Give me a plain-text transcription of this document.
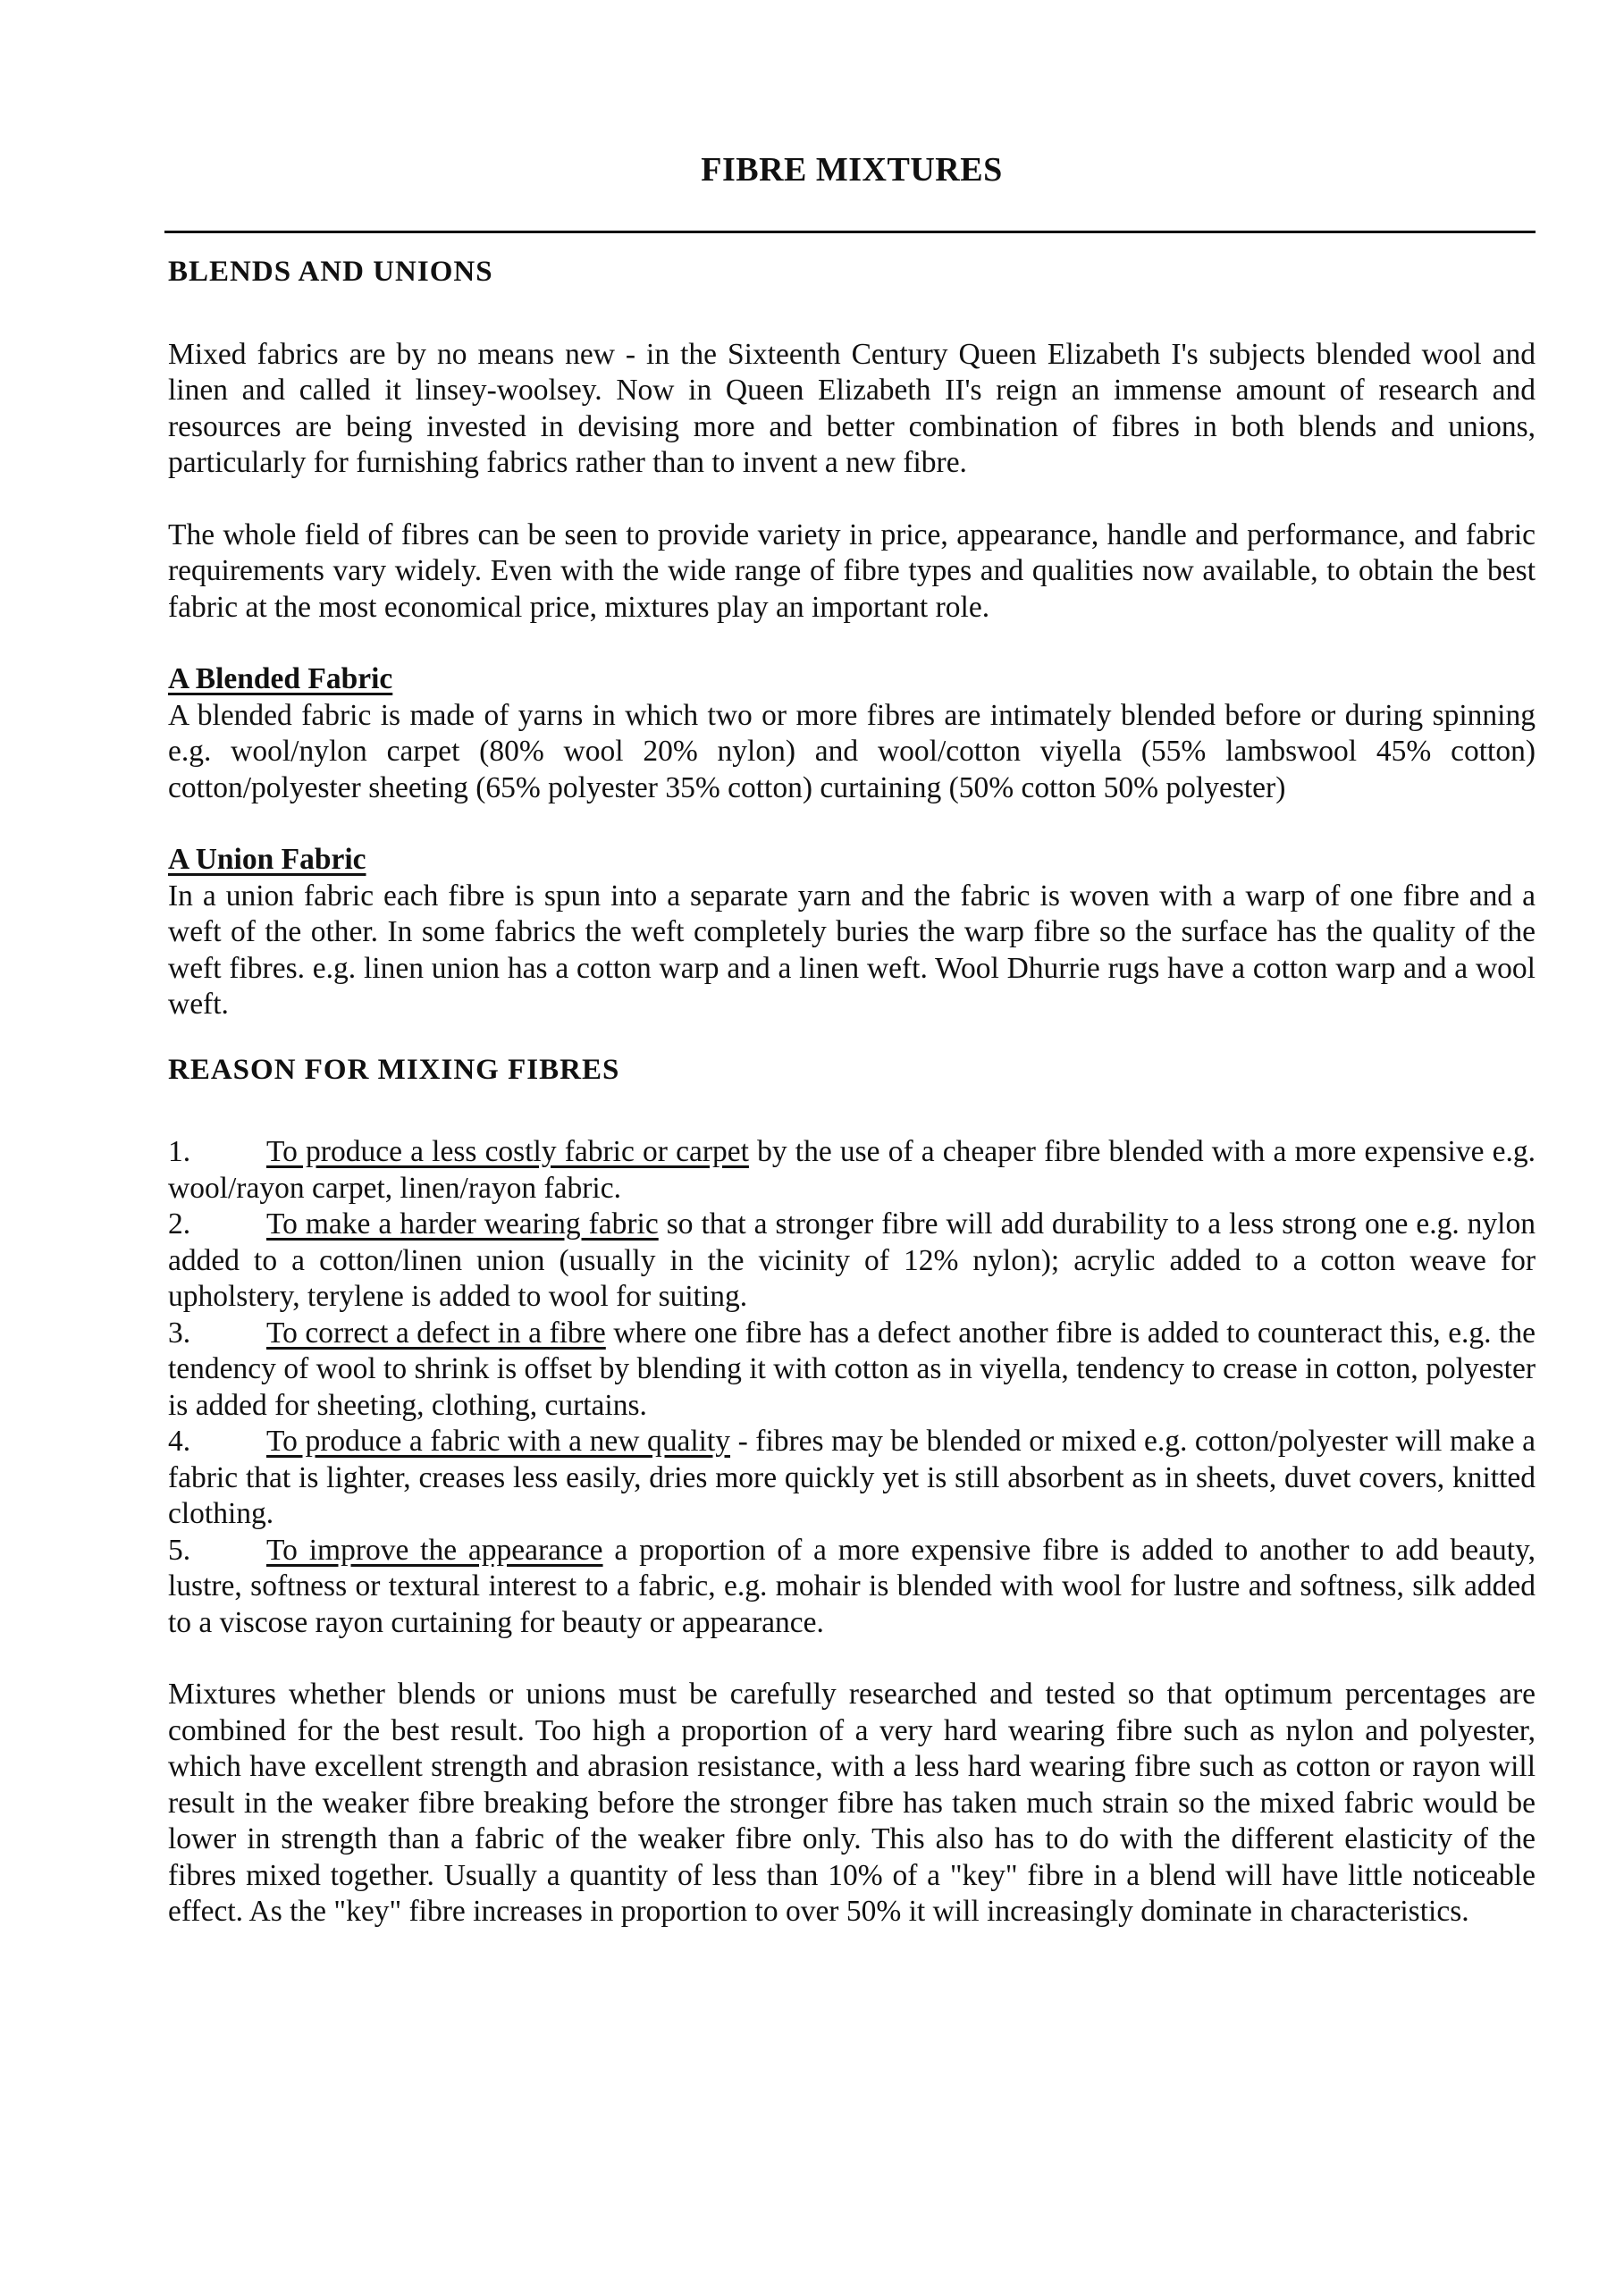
FIBRE MIXTURES

BLENDS AND UNIONS

Mixed fabrics are by no means new - in the Sixteenth Century Queen Elizabeth I's subjects blended wool and linen and called it linsey-woolsey. Now in Queen Elizabeth II's reign an immense amount of research and resources are being invested in devising more and better combination of fibres in both blends and unions, particularly for furnishing fabrics rather than to invent a new fibre.

The whole field of fibres can be seen to provide variety in price, appearance, handle and performance, and fabric requirements vary widely. Even with the wide range of fibre types and qualities now available, to obtain the best fabric at the most economical price, mixtures play an important role.

A Blended Fabric

A blended fabric is made of yarns in which two or more fibres are intimately blended before or during spinning e.g. wool/nylon carpet (80% wool 20% nylon) and wool/cotton viyella (55% lambswool 45% cotton) cotton/polyester sheeting (65% polyester 35% cotton) curtaining (50% cotton 50% polyester)

A Union Fabric

In a union fabric each fibre is spun into a separate yarn and the fabric is woven with a warp of one fibre and a weft of the other. In some fabrics the weft completely buries the warp fibre so the surface has the quality of the weft fibres. e.g. linen union has a cotton warp and a linen weft. Wool Dhurrie rugs have a cotton warp and a wool weft.

REASON FOR MIXING FIBRES

1.	To produce a less costly fabric or carpet by the use of a cheaper fibre blended with a more expensive e.g. wool/rayon carpet, linen/rayon fabric.

2.	To make a harder wearing fabric so that a stronger fibre will add durability to a less strong one e.g. nylon added to a cotton/linen union (usually in the vicinity of 12% nylon); acrylic added to a cotton weave for upholstery, terylene is added to wool for suiting.

3.	To correct a defect in a fibre where one fibre has a defect another fibre is added to counteract this, e.g. the tendency of wool to shrink is offset by blending it with cotton as in viyella, tendency to crease in cotton, polyester is added for sheeting, clothing, curtains.

4.	To produce a fabric with a new quality - fibres may be blended or mixed e.g. cotton/polyester will make a fabric that is lighter, creases less easily, dries more quickly yet is still absorbent as in sheets, duvet covers, knitted clothing.

5.	To improve the appearance a proportion of a more expensive fibre is added to another to add beauty, lustre, softness or textural interest to a fabric, e.g. mohair is blended with wool for lustre and softness, silk added to a viscose rayon curtaining for beauty or appearance.

Mixtures whether blends or unions must be carefully researched and tested so that optimum percentages are combined for the best result. Too high a proportion of a very hard wearing fibre such as nylon and polyester, which have excellent strength and abrasion resistance, with a less hard wearing fibre such as cotton or rayon will result in the weaker fibre breaking before the stronger fibre has taken much strain so the mixed fabric would be lower in strength than a fabric of the weaker fibre only. This also has to do with the different elasticity of the fibres mixed together. Usually a quantity of less than 10% of a "key" fibre in a blend will have little noticeable effect. As the "key" fibre increases in proportion to over 50% it will increasingly dominate in characteristics.
